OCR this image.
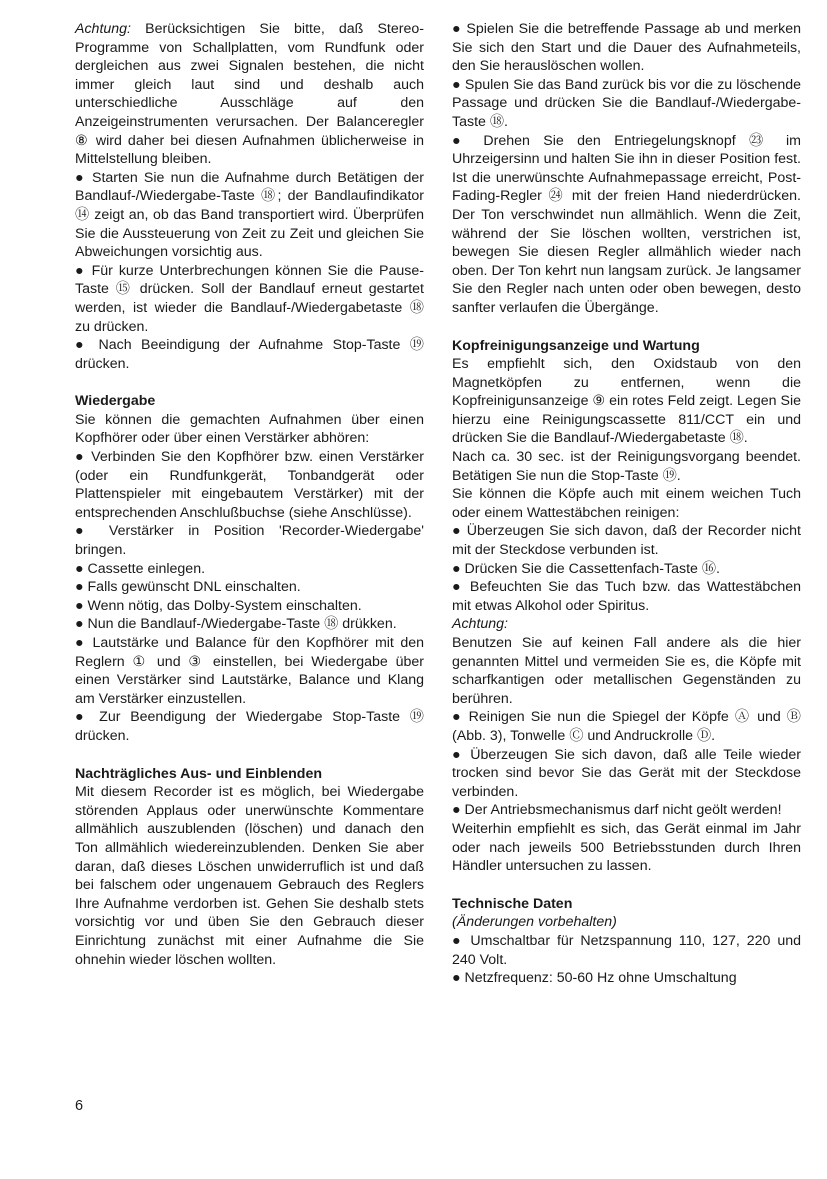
Achtung: Berücksichtigen Sie bitte, daß Stereo-Programme von Schallplatten, vom Rundfunk oder dergleichen aus zwei Signalen bestehen, die nicht immer gleich laut sind und deshalb auch unterschiedliche Ausschläge auf den Anzeigeinstrumenten verursachen. Der Balanceregler ⑧ wird daher bei diesen Aufnahmen üblicherweise in Mittelstellung bleiben.

● Starten Sie nun die Aufnahme durch Betätigen der Bandlauf-/Wiedergabe-Taste ⑱; der Bandlaufindikator ⑭ zeigt an, ob das Band transportiert wird. Überprüfen Sie die Aussteuerung von Zeit zu Zeit und gleichen Sie Abweichungen vorsichtig aus.

● Für kurze Unterbrechungen können Sie die Pause-Taste ⑮ drücken. Soll der Bandlauf erneut gestartet werden, ist wieder die Bandlauf-/Wiedergabetaste ⑱ zu drücken.

● Nach Beeindigung der Aufnahme Stop-Taste ⑲ drücken.

Wiedergabe

Sie können die gemachten Aufnahmen über einen Kopfhörer oder über einen Verstärker abhören:

● Verbinden Sie den Kopfhörer bzw. einen Verstärker (oder ein Rundfunkgerät, Tonbandgerät oder Plattenspieler mit eingebautem Verstärker) mit der entsprechenden Anschlußbuchse (siehe Anschlüsse).

● Verstärker in Position 'Recorder-Wiedergabe' bringen.

● Cassette einlegen.

● Falls gewünscht DNL einschalten.

● Wenn nötig, das Dolby-System einschalten.

● Nun die Bandlauf-/Wiedergabe-Taste ⑱ drükken.

● Lautstärke und Balance für den Kopfhörer mit den Reglern ① und ③ einstellen, bei Wiedergabe über einen Verstärker sind Lautstärke, Balance und Klang am Verstärker einzustellen.

● Zur Beendigung der Wiedergabe Stop-Taste ⑲ drücken.

Nachträgliches Aus- und Einblenden

Mit diesem Recorder ist es möglich, bei Wiedergabe störenden Applaus oder unerwünschte Kommentare allmählich auszublenden (löschen) und danach den Ton allmählich wiedereinzublenden. Denken Sie aber daran, daß dieses Löschen unwiderruflich ist und daß bei falschem oder ungenauem Gebrauch des Reglers Ihre Aufnahme verdorben ist. Gehen Sie deshalb stets vorsichtig vor und üben Sie den Gebrauch dieser Einrichtung zunächst mit einer Aufnahme die Sie ohnehin wieder löschen wollten.

● Spielen Sie die betreffende Passage ab und merken Sie sich den Start und die Dauer des Aufnahmeteils, den Sie herauslöschen wollen.

● Spulen Sie das Band zurück bis vor die zu löschende Passage und drücken Sie die Bandlauf-/Wiedergabe-Taste ⑱.

● Drehen Sie den Entriegelungsknopf ㉓ im Uhrzeigersinn und halten Sie ihn in dieser Position fest. Ist die unerwünschte Aufnahmepassage erreicht, Post-Fading-Regler ㉔ mit der freien Hand niederdrücken. Der Ton verschwindet nun allmählich. Wenn die Zeit, während der Sie löschen wollten, verstrichen ist, bewegen Sie diesen Regler allmählich wieder nach oben. Der Ton kehrt nun langsam zurück. Je langsamer Sie den Regler nach unten oder oben bewegen, desto sanfter verlaufen die Übergänge.

Kopfreinigungsanzeige und Wartung

Es empfiehlt sich, den Oxidstaub von den Magnetköpfen zu entfernen, wenn die Kopfreinigunsanzeige ⑨ ein rotes Feld zeigt. Legen Sie hierzu eine Reinigungscassette 811/CCT ein und drücken Sie die Bandlauf-/Wiedergabetaste ⑱.

Nach ca. 30 sec. ist der Reinigungsvorgang beendet. Betätigen Sie nun die Stop-Taste ⑲.

Sie können die Köpfe auch mit einem weichen Tuch oder einem Wattestäbchen reinigen:

● Überzeugen Sie sich davon, daß der Recorder nicht mit der Steckdose verbunden ist.

● Drücken Sie die Cassettenfach-Taste ⑯.

● Befeuchten Sie das Tuch bzw. das Wattestäbchen mit etwas Alkohol oder Spiritus.

Achtung:

Benutzen Sie auf keinen Fall andere als die hier genannten Mittel und vermeiden Sie es, die Köpfe mit scharfkantigen oder metallischen Gegenständen zu berühren.

● Reinigen Sie nun die Spiegel der Köpfe Ⓐ und Ⓑ (Abb. 3), Tonwelle Ⓒ und Andruckrolle Ⓓ.

● Überzeugen Sie sich davon, daß alle Teile wieder trocken sind bevor Sie das Gerät mit der Steckdose verbinden.

● Der Antriebsmechanismus darf nicht geölt werden!

Weiterhin empfiehlt es sich, das Gerät einmal im Jahr oder nach jeweils 500 Betriebsstunden durch Ihren Händler untersuchen zu lassen.

Technische Daten

(Änderungen vorbehalten)

● Umschaltbar für Netzspannung 110, 127, 220 und 240 Volt.

● Netzfrequenz: 50-60 Hz ohne Umschaltung

6
